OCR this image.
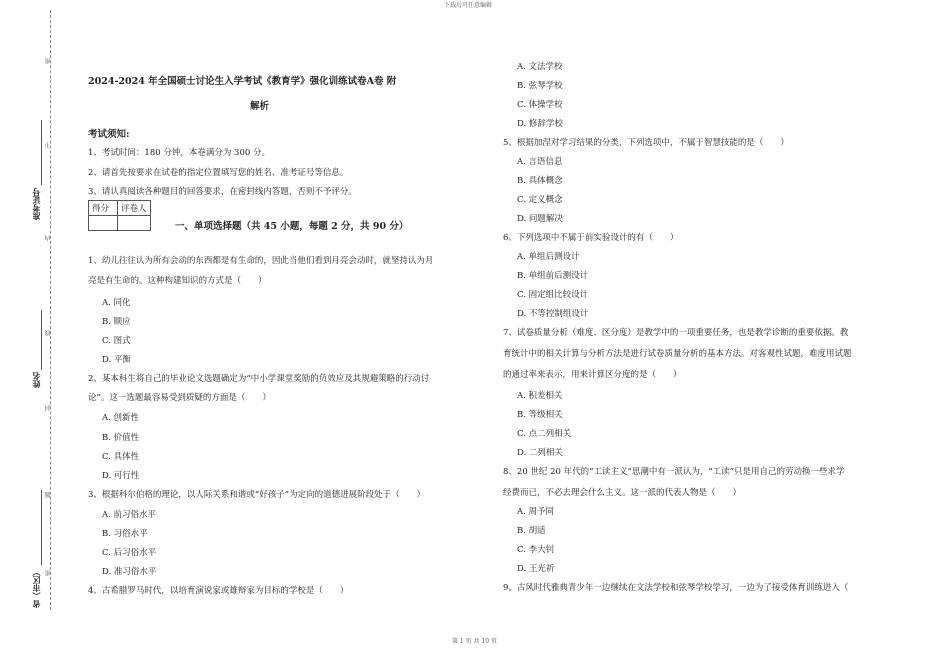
下载后可任意编辑
第 1 页 共 10 页
密
不
内
线
封
题
密
准考证号
姓名
省（市区）
2024-2024 年全国硕士讨论生入学考试《教育学》强化训练试卷A卷 附
解析
考试须知:
1、考试时间：180 分钟，本卷满分为 300 分。
2、请首先按要求在试卷的指定位置填写您的姓名、准考证号等信息。
3、请认真阅读各种题目的回答要求，在密封线内答题，否则不予评分。
得分	评卷人

一、单项选择题（共 45 小题，每题 2 分，共 90 分）
1、幼儿往往认为所有会动的东西都是有生命的，因此当他们看到月亮会动时，就坚持认为月
亮是有生命的。这种构建知识的方式是（　　）
A. 同化
B. 顺应
C. 图式
D. 平衡
2、某本科生将自己的毕业论文选题确定为“中小学课堂奖励的负效应及其规避策略的行动讨
论”。这一选题最容易受到质疑的方面是（　　）
A. 创新性
B. 价值性
C. 具体性
D. 可行性
3、根据科尔伯格的理论，以人际关系和谐或“好孩子”为定向的道德进展阶段处于（　　）
A. 前习俗水平
B. 习俗水平
C. 后习俗水平
D. 准习俗水平
4、古希腊罗马时代，以培育演说家或雄辩家为目标的学校是（　　）
A. 文法学校
B. 弦琴学校
C. 体操学校
D. 修辞学校
5、根据加涅对学习结果的分类，下列选项中，不属于智慧技能的是（　　）
A. 言语信息
B. 具体概念
C. 定义概念
D. 问题解决
6、下列选项中不属于前实验设计的有（　　）
A. 单组后测设计
B. 单组前后测设计
C. 固定组比较设计
D. 不等控制组设计
7、试卷质量分析（难度、区分度）是教学中的一项重要任务，也是教学诊断的重要依据。教
育统计中的相关计算与分析方法是进行试卷质量分析的基本方法。对客观性试题，难度用试题
的通过率来表示，用来计算区分度的是（　　）
A. 积差相关
B. 等级相关
C. 点二列相关
D. 二列相关
8、20 世纪 20 年代的“工读主义”思潮中有一派认为，“工读”只是用自己的劳动换一些求学
经费而已，不必去理会什么主义。这一派的代表人物是（　　）
A. 周予同
B. 胡适
C. 李大钊
D. 王光祈
9、古风时代雅典青少年一边继续在文法学校和弦琴学校学习，一边为了接受体育训练进入（
